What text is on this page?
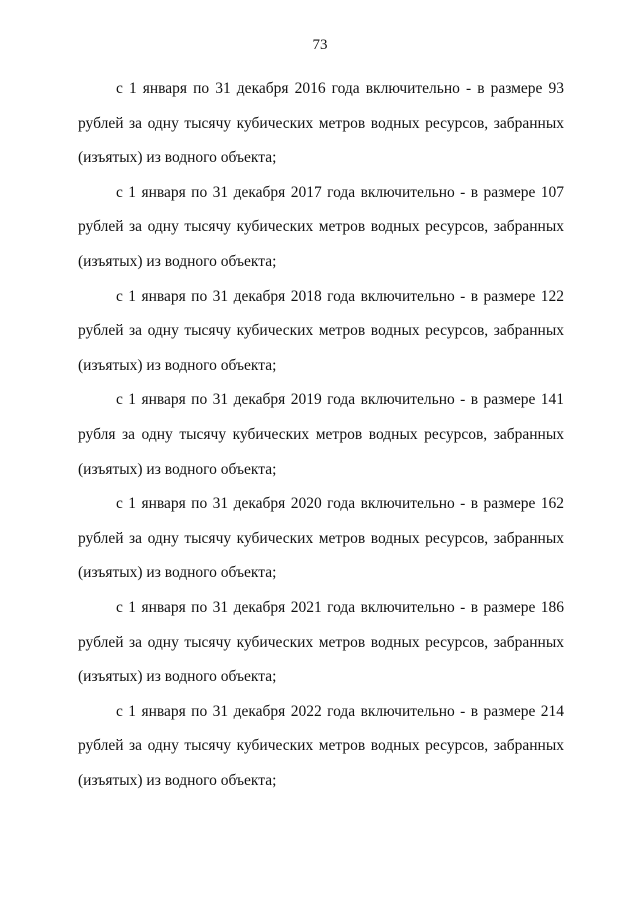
73

с 1 января по 31 декабря 2016 года включительно - в размере 93 рублей за одну тысячу кубических метров водных ресурсов, забранных (изъятых) из водного объекта;

с 1 января по 31 декабря 2017 года включительно - в размере 107 рублей за одну тысячу кубических метров водных ресурсов, забранных (изъятых) из водного объекта;

с 1 января по 31 декабря 2018 года включительно - в размере 122 рублей за одну тысячу кубических метров водных ресурсов, забранных (изъятых) из водного объекта;

с 1 января по 31 декабря 2019 года включительно - в размере 141 рубля за одну тысячу кубических метров водных ресурсов, забранных (изъятых) из водного объекта;

с 1 января по 31 декабря 2020 года включительно - в размере 162 рублей за одну тысячу кубических метров водных ресурсов, забранных (изъятых) из водного объекта;

с 1 января по 31 декабря 2021 года включительно - в размере 186 рублей за одну тысячу кубических метров водных ресурсов, забранных (изъятых) из водного объекта;

с 1 января по 31 декабря 2022 года включительно - в размере 214 рублей за одну тысячу кубических метров водных ресурсов, забранных (изъятых) из водного объекта;
